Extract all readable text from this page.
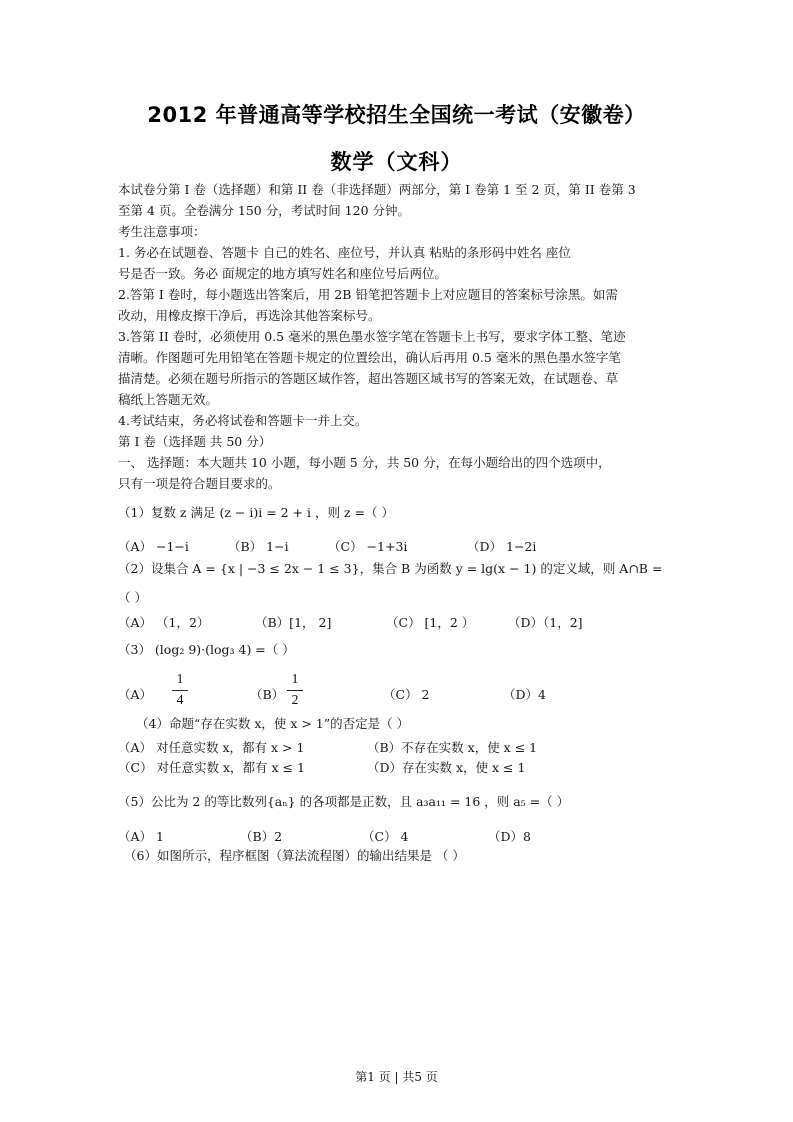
2012 年普通高等学校招生全国统一考试（安徽卷）
数学（文科）
本试卷分第 I 卷（选择题）和第 II 卷（非选择题）两部分，第 I 卷第 1 至 2 页，第 II 卷第 3
至第 4 页。全卷满分 150 分，考试时间 120 分钟。
考生注意事项：
1. 务必在试题卷、答题卡 自己的姓名、座位号，并认真 粘贴的条形码中姓名 座位
号是否一致。务必 面规定的地方填写姓名和座位号后两位。
2.答第 I 卷时，每小题选出答案后，用 2B 铅笔把答题卡上对应题目的答案标号涂黑。如需
改动，用橡皮擦干净后，再选涂其他答案标号。
3.答第 II 卷时，必须使用 0.5 毫米的黑色墨水签字笔在答题卡上书写，要求字体工整、笔迹
清晰。作图题可先用铅笔在答题卡规定的位置绘出，确认后再用 0.5 毫米的黑色墨水签字笔
描清楚。必须在题号所指示的答题区域作答，超出答题区域书写的答案无效，在试题卷、草
稿纸上答题无效。
4.考试结束，务必将试卷和答题卡一并上交。
第 I 卷（选择题 共 50 分）
一、 选择题：本大题共 10 小题，每小题 5 分，共 50 分，在每小题给出的四个选项中，
只有一项是符合题目要求的。
（1）复数 z 满足 (z − i)i = 2 + i ，则 z =（ ）
（A） −1−i	（B） 1−i	（C） −1+3i	（D） 1−2i
（2）设集合 A = {x | −3 ≤ 2x − 1 ≤ 3}，集合 B 为函数 y = lg(x − 1) 的定义域，则 A∩B =
（ ）
（A） （1，2）	（B）[1， 2]	（C） [1，2 ）	（D）（1，2]
（3） (log₂ 9)·(log₃ 4) =（ ）
（A）
1
4	（B）
1
2	（C） 2	（D）4
（4）命题“存在实数 x，使 x > 1”的否定是（ ）
（A） 对任意实数 x，都有 x > 1	（B）不存在实数 x，使 x ≤ 1
（C） 对任意实数 x，都有 x ≤ 1	（D）存在实数 x，使 x ≤ 1
（5）公比为 2 的等比数列{aₙ} 的各项都是正数，且 a₃a₁₁ = 16 ，则 a₅ =（ ）
（A） 1	（B）2	（C） 4	（D）8
（6）如图所示，程序框图（算法流程图）的输出结果是 （ ）
第1 页 | 共5 页
